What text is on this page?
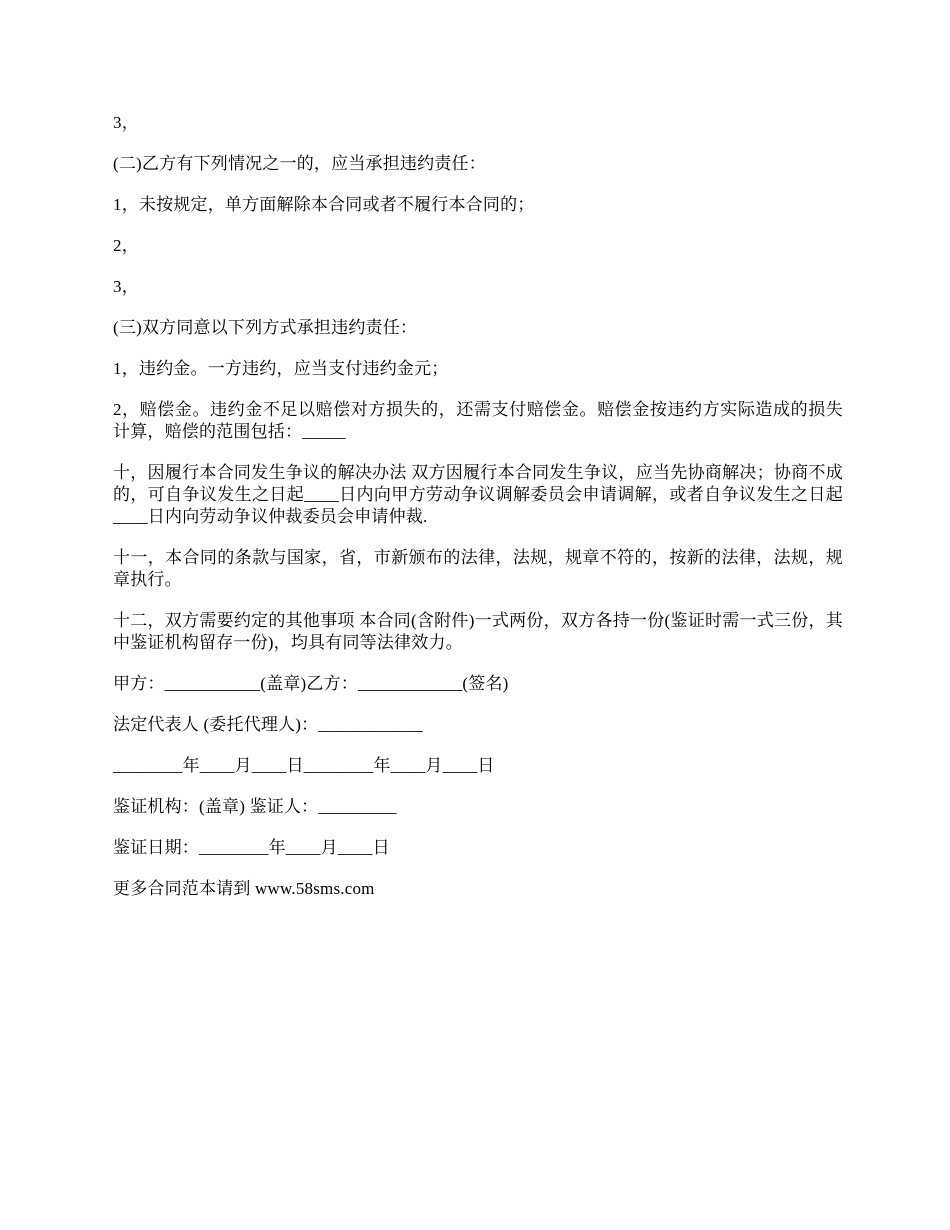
3，

(二)乙方有下列情况之一的，应当承担违约责任：

1，未按规定，单方面解除本合同或者不履行本合同的；

2，

3，

(三)双方同意以下列方式承担违约责任：

1，违约金。一方违约，应当支付违约金元；

2，赔偿金。违约金不足以赔偿对方损失的，还需支付赔偿金。赔偿金按违约方实际造成的损失计算，赔偿的范围包括：_____

十，因履行本合同发生争议的解决办法 双方因履行本合同发生争议，应当先协商解决；协商不成的，可自争议发生之日起____日内向甲方劳动争议调解委员会申请调解，或者自争议发生之日起____日内向劳动争议仲裁委员会申请仲裁.

十一，本合同的条款与国家，省，市新颁布的法律，法规，规章不符的，按新的法律，法规，规章执行。

十二，双方需要约定的其他事项 本合同(含附件)一式两份，双方各持一份(鉴证时需一式三份，其中鉴证机构留存一份)，均具有同等法律效力。

甲方：___________(盖章)乙方：____________(签名)

法定代表人 (委托代理人)：____________

________年____月____日________年____月____日

鉴证机构：(盖章) 鉴证人：_________

鉴证日期：________年____月____日

更多合同范本请到 www.58sms.com
